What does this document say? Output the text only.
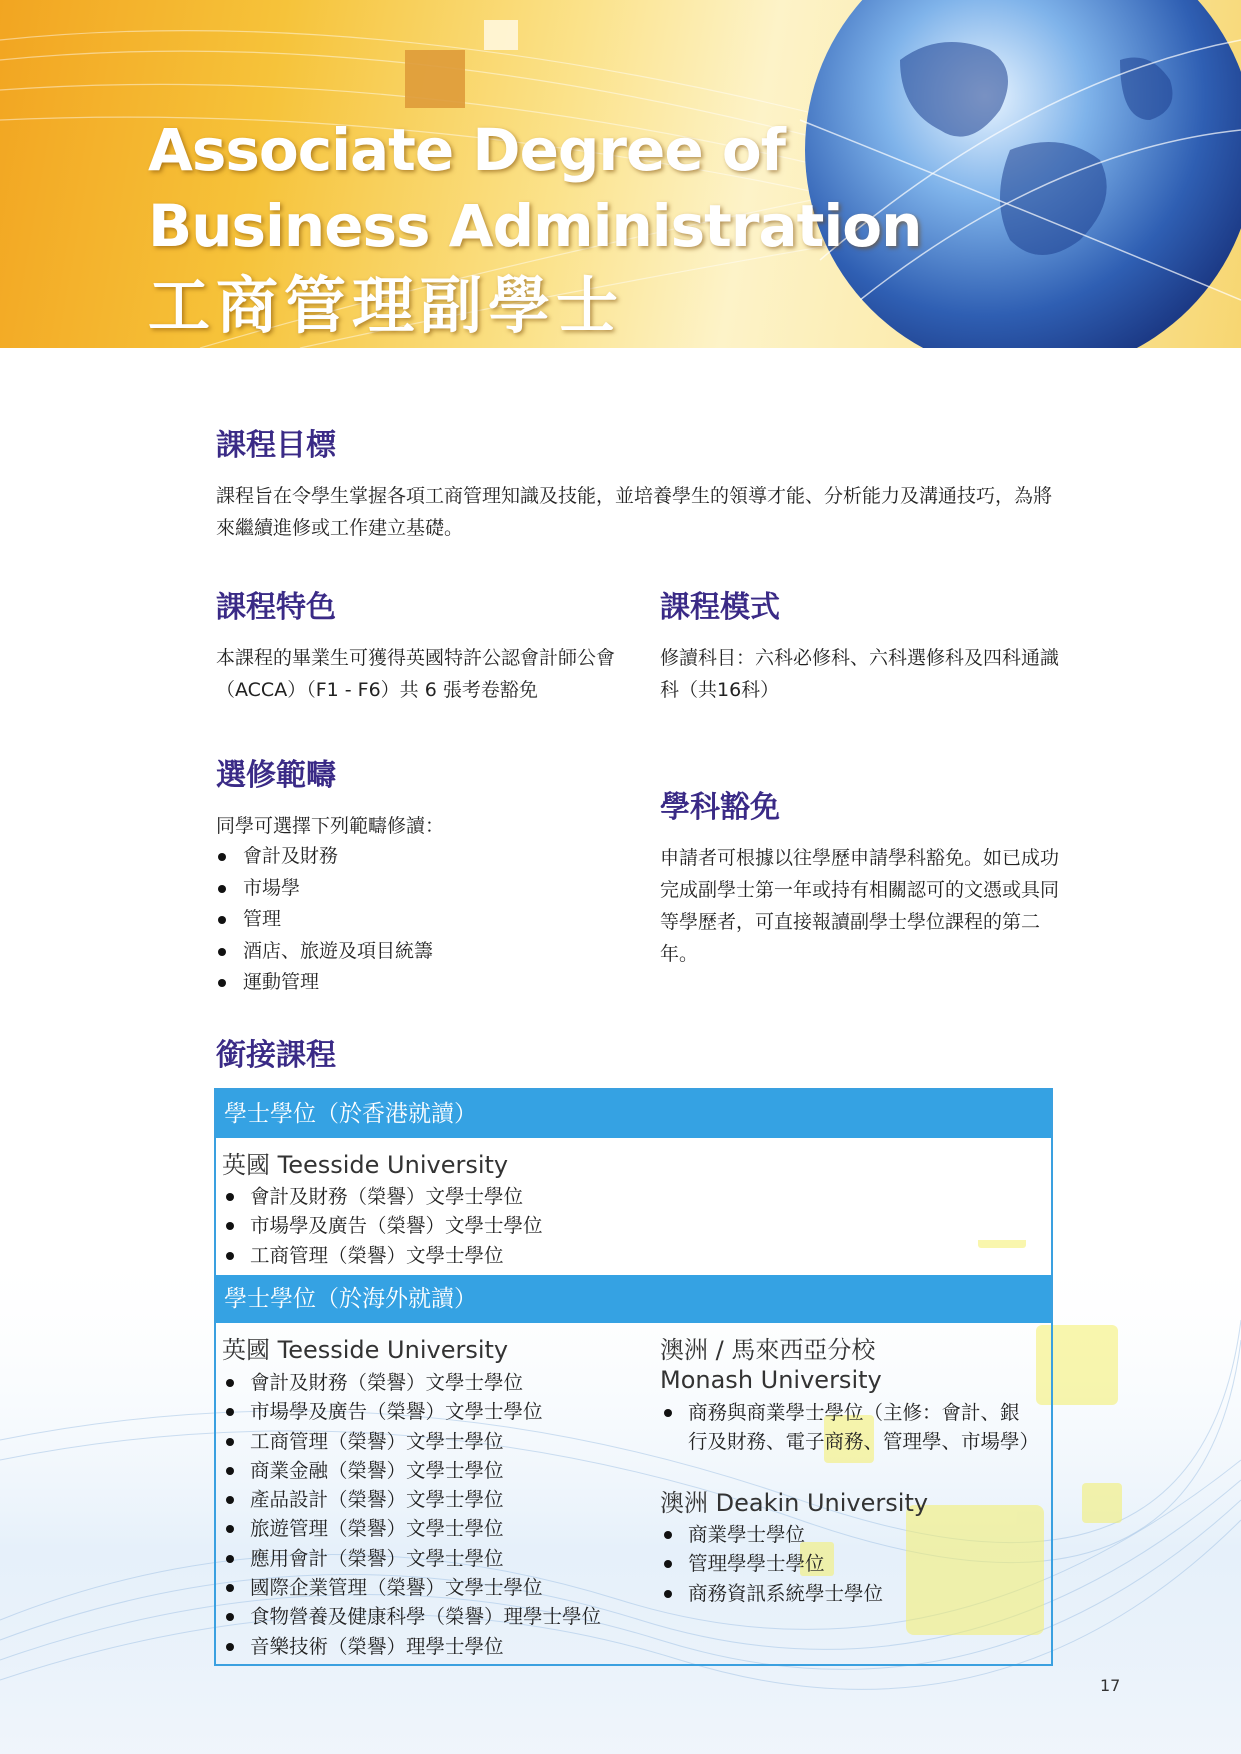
Associate Degree of Business Administration
工商管理副學士
課程目標

課程旨在令學生掌握各項工商管理知識及技能，並培養學生的領導才能、分析能力及溝通技巧，為將來繼續進修或工作建立基礎。

課程特色

本課程的畢業生可獲得英國特許公認會計師公會（ACCA）（F1 - F6）共 6 張考卷豁免

課程模式

修讀科目：六科必修科、六科選修科及四科通識科（共16科）

選修範疇

同學可選擇下列範疇修讀：

會計及財務
市場學
管理
酒店、旅遊及項目統籌
運動管理
學科豁免

申請者可根據以往學歷申請學科豁免。如已成功完成副學士第一年或持有相關認可的文憑或具同等學歷者，可直接報讀副學士學位課程的第二年。

銜接課程
學士學位（於香港就讀）
英國 Teesside University
會計及財務（榮譽）文學士學位
市場學及廣告（榮譽）文學士學位
工商管理（榮譽）文學士學位
學士學位（於海外就讀）
英國 Teesside University
會計及財務（榮譽）文學士學位
市場學及廣告（榮譽）文學士學位
工商管理（榮譽）文學士學位
商業金融（榮譽）文學士學位
產品設計（榮譽）文學士學位
旅遊管理（榮譽）文學士學位
應用會計（榮譽）文學士學位
國際企業管理（榮譽）文學士學位
食物營養及健康科學（榮譽）理學士學位
音樂技術（榮譽）理學士學位
澳洲 / 馬來西亞分校
Monash University
商務與商業學士學位（主修：會計、銀
行及財務、電子商務、管理學、市場學）
澳洲 Deakin University
商業學士學位
管理學學士學位
商務資訊系統學士學位
17
